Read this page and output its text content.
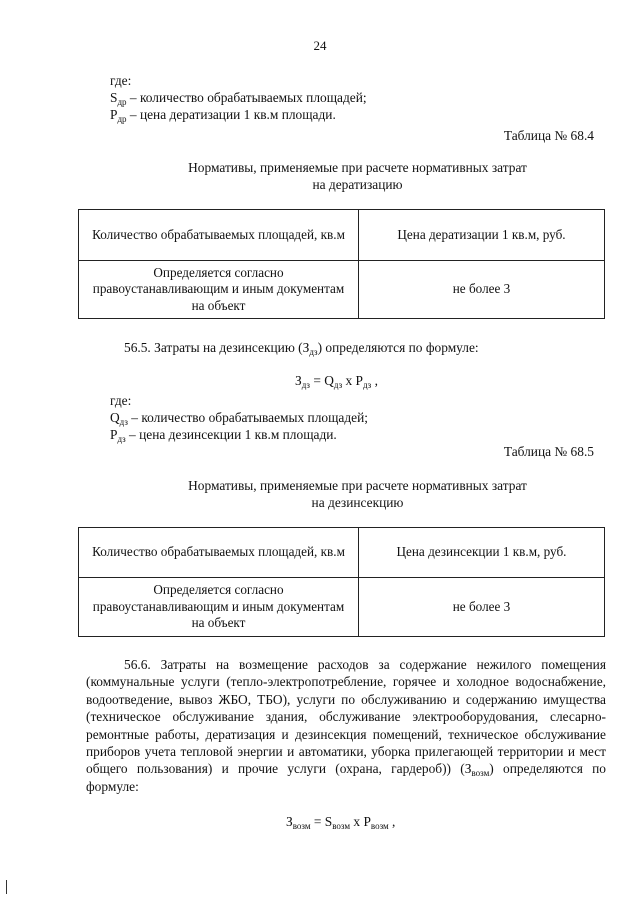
24
где:
$S_{др}$ – количество обрабатываемых площадей;
$P_{др}$ – цена дератизации 1 кв.м площади.
Таблица № 68.4
Нормативы, применяемые при расчете нормативных затрат
на дератизацию
Количество обрабатываемых площадей, кв.м	Цена дератизации 1 кв.м, руб.
Определяется согласно правоустанавливающим и иным документам на объект	не более 3
56.5. Затраты на дезинсекцию $(З_{дз})$ определяются по формуле:
$З_{дз} = Q_{дз}$ х $P_{дз}$ ,
где:
$Q_{дз}$ – количество обрабатываемых площадей;
$P_{дз}$ – цена дезинсекции 1 кв.м площади.
Таблица № 68.5
Нормативы, применяемые при расчете нормативных затрат
на дезинсекцию
Количество обрабатываемых площадей, кв.м	Цена дезинсекции 1 кв.м, руб.
Определяется согласно правоустанавливающим и иным документам на объект	не более 3
56.6. Затраты на возмещение расходов за содержание нежилого помещения (коммунальные услуги (тепло-электропотребление, горячее и холодное водоснабжение, водоотведение, вывоз ЖБО, ТБО), услуги по обслуживанию и содержанию имущества (техническое обслуживание здания, обслуживание электрооборудования, слесарно-ремонтные работы, дератизация и дезинсекция помещений, техническое обслуживание приборов учета тепловой энергии и автоматики, уборка прилегающей территории и мест общего пользования) и прочие услуги (охрана, гардероб)) $(З_{возм})$ определяются по формуле:
$З_{возм} = S_{возм}$ х $P_{возм}$ ,
